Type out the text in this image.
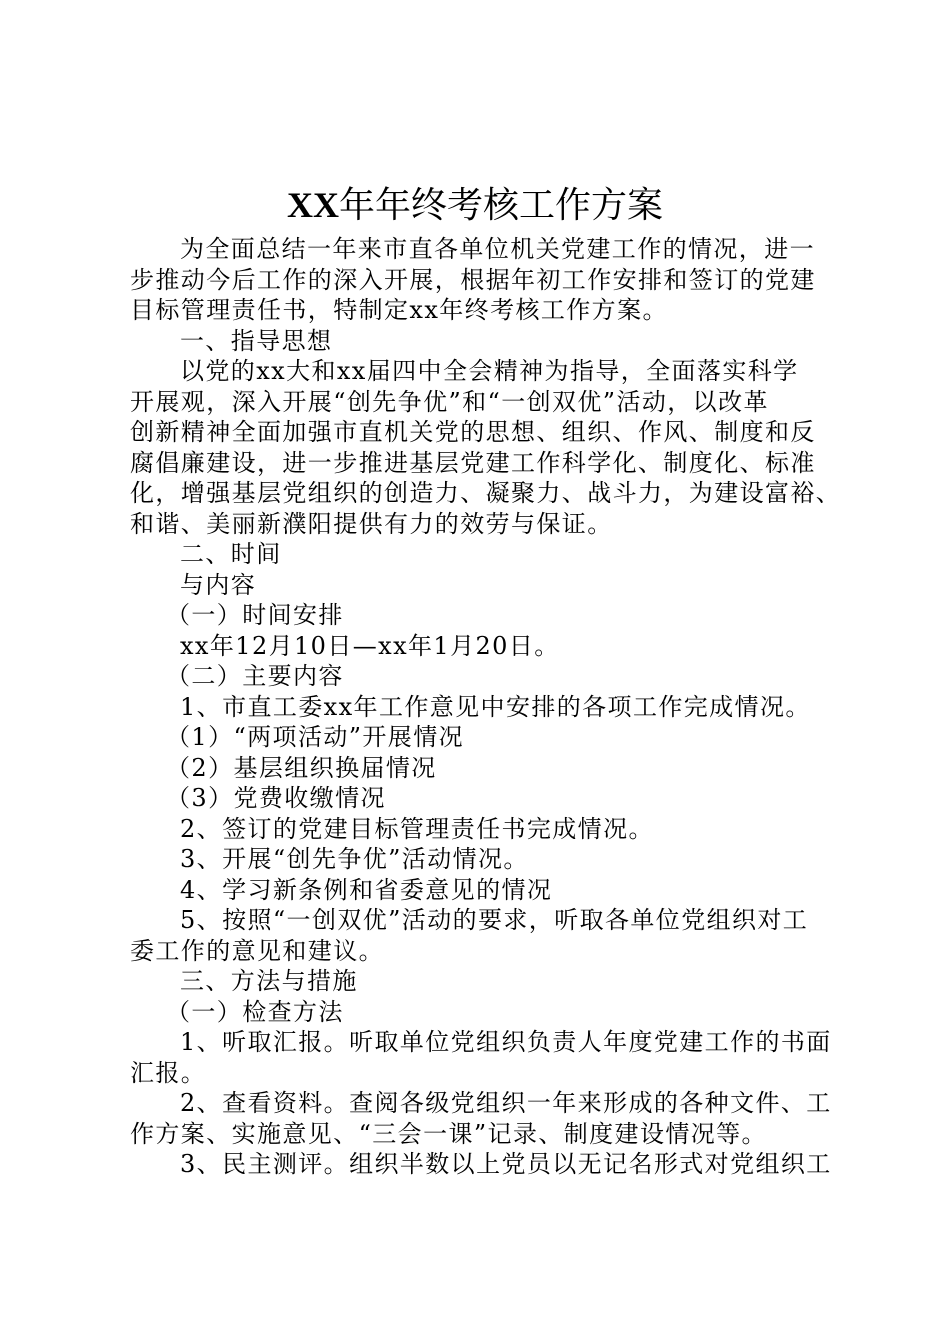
XX年年终考核工作方案
为全面总结一年来市直各单位机关党建工作的情况，进一
步推动今后工作的深入开展，根据年初工作安排和签订的党建
目标管理责任书，特制定xx年终考核工作方案。
一、指导思想
以党的xx大和xx届四中全会精神为指导，全面落实科学
开展观，深入开展“创先争优”和“一创双优”活动，以改革
创新精神全面加强市直机关党的思想、组织、作风、制度和反
腐倡廉建设，进一步推进基层党建工作科学化、制度化、标准
化，增强基层党组织的创造力、凝聚力、战斗力，为建设富裕、
和谐、美丽新濮阳提供有力的效劳与保证。
二、时间
与内容
（一）时间安排
xx年12月10日—xx年1月20日。
（二）主要内容
1、市直工委xx年工作意见中安排的各项工作完成情况。
（1）“两项活动”开展情况
（2）基层组织换届情况
（3）党费收缴情况
2、签订的党建目标管理责任书完成情况。
3、开展“创先争优”活动情况。
4、学习新条例和省委意见的情况
5、按照“一创双优”活动的要求，听取各单位党组织对工
委工作的意见和建议。
三、方法与措施
（一）检查方法
1、听取汇报。听取单位党组织负责人年度党建工作的书面
汇报。
2、查看资料。查阅各级党组织一年来形成的各种文件、工
作方案、实施意见、“三会一课”记录、制度建设情况等。
3、民主测评。组织半数以上党员以无记名形式对党组织工
